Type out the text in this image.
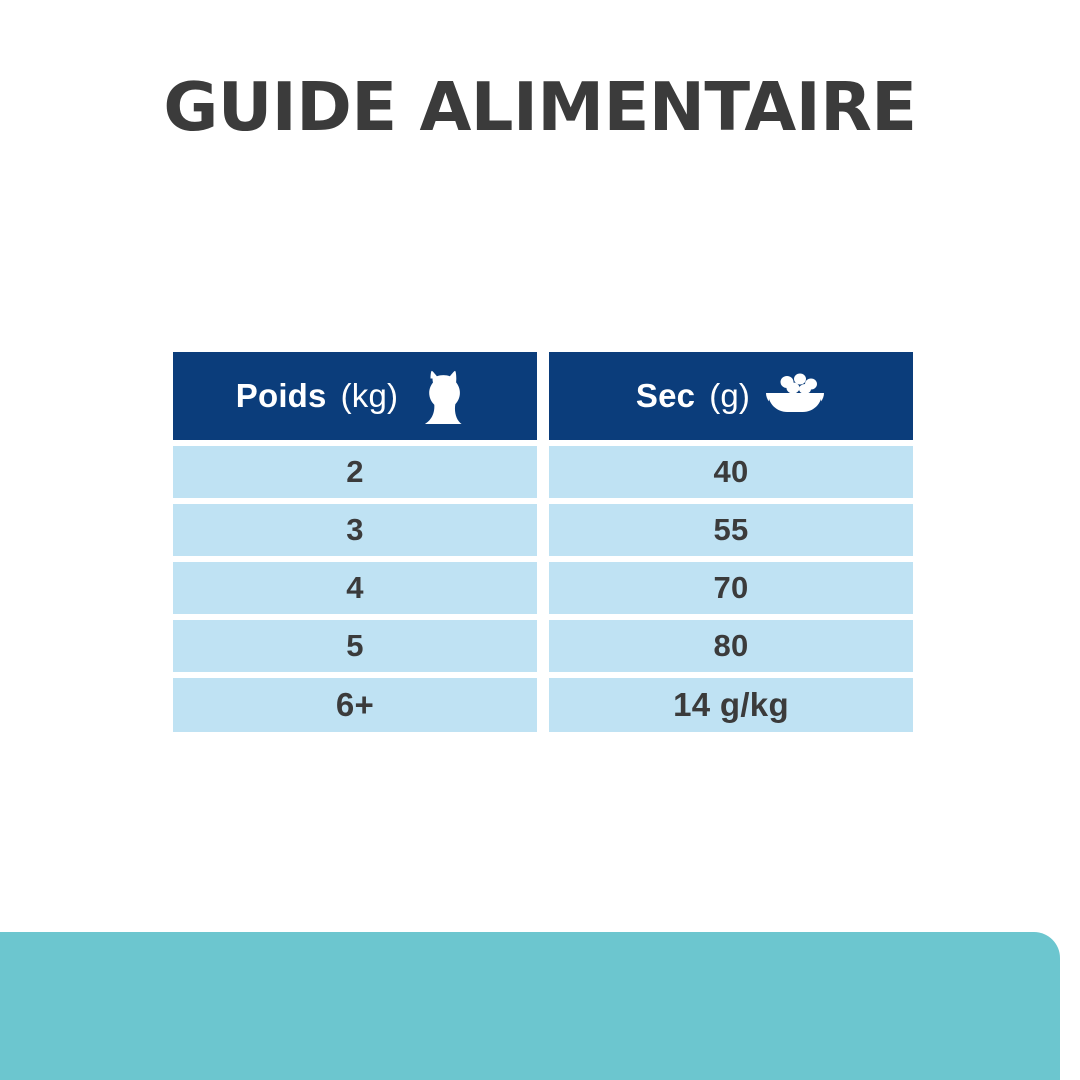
GUIDE ALIMENTAIRE
Poids (kg)
2
3
4
5
6+
Sec (g)
40
55
70
80
14 g/kg
